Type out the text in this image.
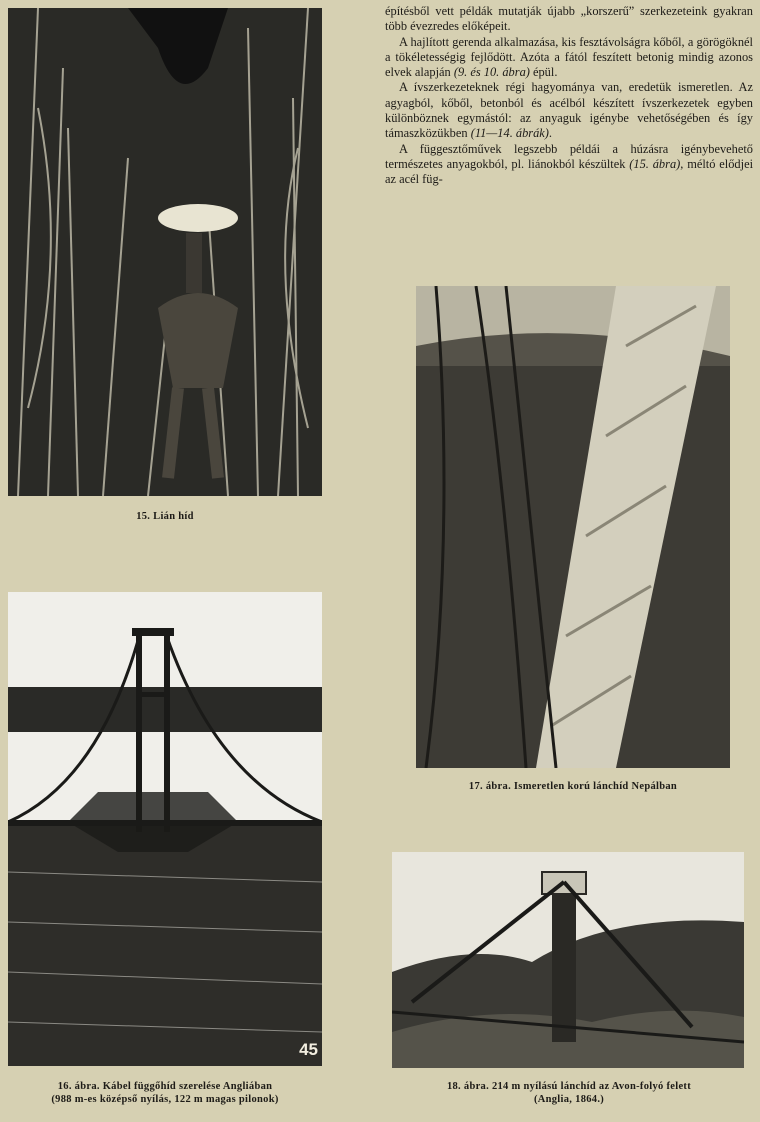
15. Lián híd

építésből vett példák mutatják újabb „korszerű” szerkezeteink gyakran több évezredes előképeit.

A hajlított gerenda alkalmazása, kis fesztávolságra kőből, a görögöknél a tökéletességig fejlődött. Azóta a fától feszített betonig mindig azonos elvek alapján (9. és 10. ábra) épül.

A ívszerkezeteknek régi hagyománya van, eredetük ismeretlen. Az agyagból, kőből, betonból és acélból készített ívszerkezetek egyben különböznek egymástól: az anyaguk igénybe vehetőségében és így támaszközükben (11—14. ábrák).

A függesztőművek legszebb példái a húzásra igénybevehető természetes anyagokból, pl. liánokból készültek (15. ábra), méltó elődjei az acél füg-

17. ábra. Ismeretlen korú lánchíd Nepálban
45
16. ábra. Kábel függőhíd szerelése Angliában
(988 m-es középső nyílás, 122 m magas pilonok)
18. ábra. 214 m nyílású lánchíd az Avon-folyó felett
(Anglia, 1864.)
